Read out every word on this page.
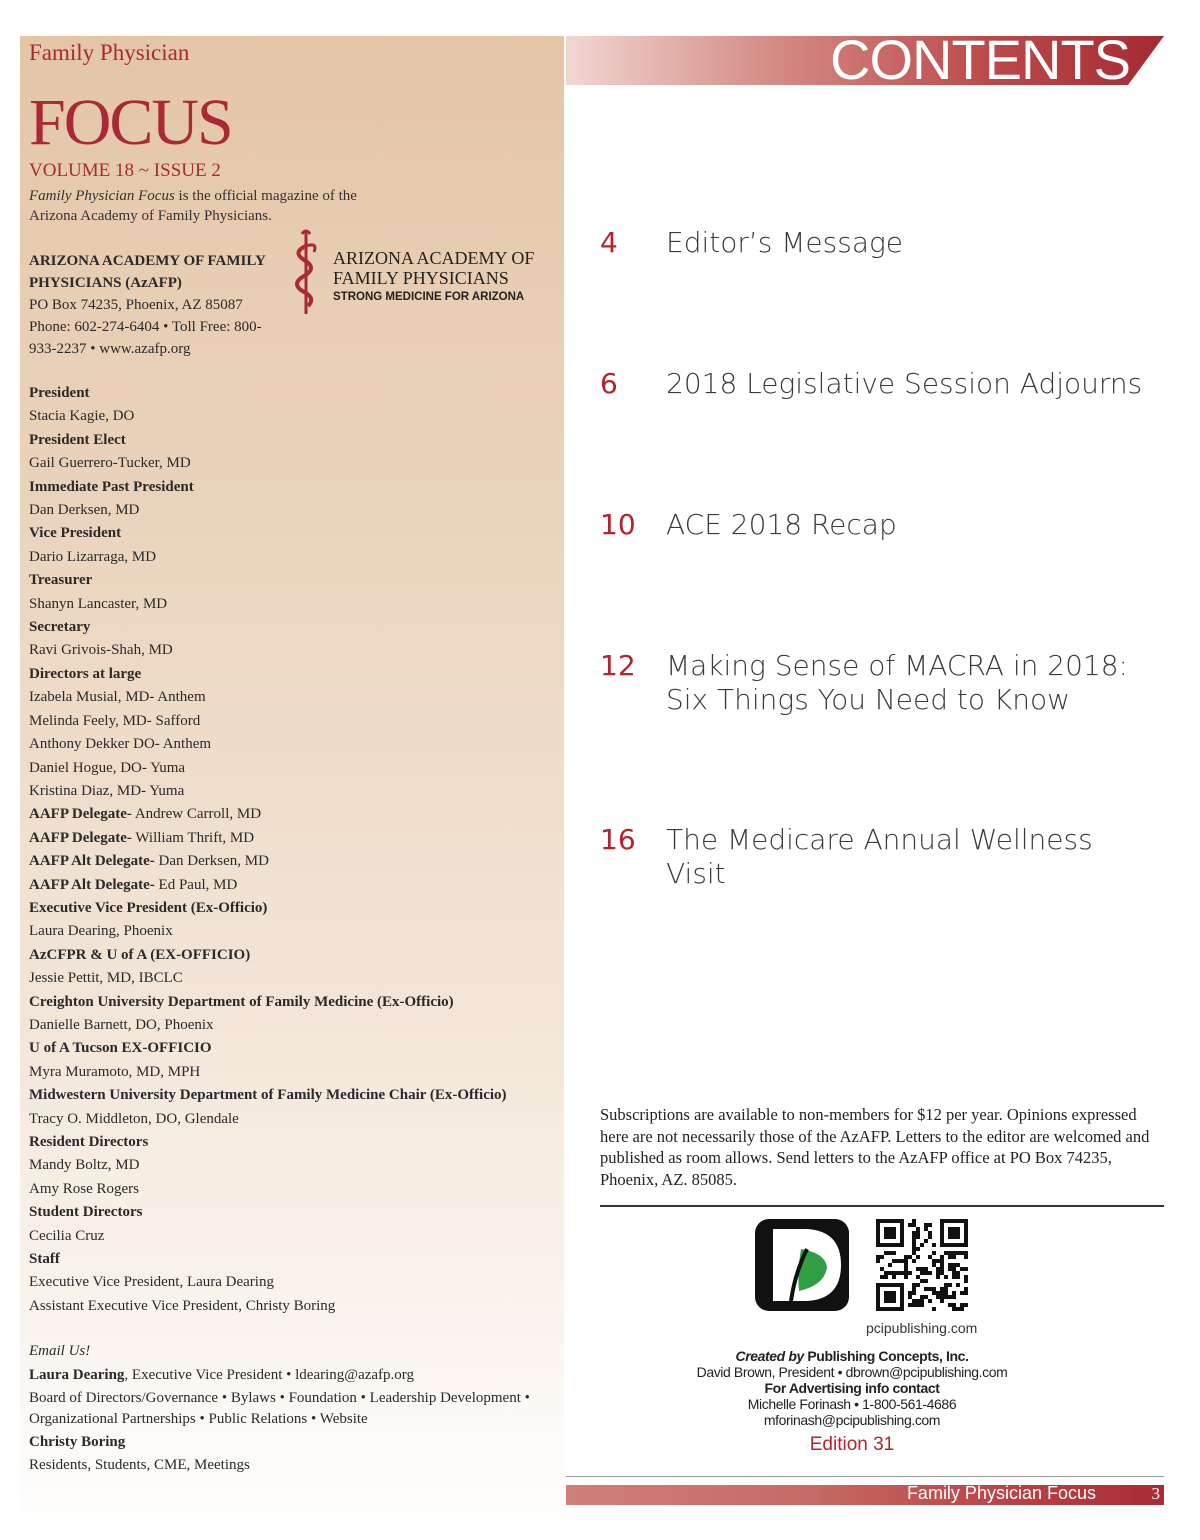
Family Physician
FOCUS
VOLUME 18 ~ ISSUE 2
Family Physician Focus is the official magazine of the
Arizona Academy of Family Physicians.
ARIZONA ACADEMY OF FAMILY
PHYSICIANS (AzAFP)
PO Box 74235, Phoenix, AZ 85087
Phone: 602-274-6404 • Toll Free: 800-
933-2237 • www.azafp.org
ARIZONA ACADEMY OF
FAMILY PHYSICIANS
STRONG MEDICINE FOR ARIZONA
President
Stacia Kagie, DO
President Elect
Gail Guerrero-Tucker, MD
Immediate Past President
Dan Derksen, MD
Vice President
Dario Lizarraga, MD
Treasurer
Shanyn Lancaster, MD
Secretary
Ravi Grivois-Shah, MD
Directors at large
Izabela Musial, MD- Anthem
Melinda Feely, MD- Safford
Anthony Dekker DO- Anthem
Daniel Hogue, DO- Yuma
Kristina Diaz, MD- Yuma
AAFP Delegate- Andrew Carroll, MD
AAFP Delegate- William Thrift, MD
AAFP Alt Delegate- Dan Derksen, MD
AAFP Alt Delegate- Ed Paul, MD
Executive Vice President (Ex-Officio)
Laura Dearing, Phoenix
AzCFPR & U of A (EX-OFFICIO)
Jessie Pettit, MD, IBCLC
Creighton University Department of Family Medicine (Ex-Officio)
Danielle Barnett, DO, Phoenix
U of A Tucson EX-OFFICIO
Myra Muramoto, MD, MPH
Midwestern University Department of Family Medicine Chair (Ex-Officio)
Tracy O. Middleton, DO, Glendale
Resident Directors
Mandy Boltz, MD
Amy Rose Rogers
Student Directors
Cecilia Cruz
Staff
Executive Vice President, Laura Dearing
Assistant Executive Vice President, Christy Boring
Email Us!
Laura Dearing, Executive Vice President • ldearing@azafp.org
Board of Directors/Governance • Bylaws • Foundation • Leadership Development •
Organizational Partnerships • Public Relations • Website
Christy Boring
Residents, Students, CME, Meetings
CONTENTS
4 Editor’s Message
6 2018 Legislative Session Adjourns
10 ACE 2018 Recap
12 Making Sense of MACRA in 2018: Six Things You Need to Know
16 The Medicare Annual Wellness Visit
Subscriptions are available to non-members for $12 per year. Opinions expressed here are not necessarily those of the AzAFP. Letters to the editor are welcomed and published as room allows. Send letters to the AzAFP office at PO Box 74235, Phoenix, AZ. 85085.
pcipublishing.com
Created by Publishing Concepts, Inc.
David Brown, President • dbrown@pcipublishing.com
For Advertising info contact
Michelle Forinash • 1-800-561-4686
mforinash@pcipublishing.com
Edition 31
Family Physician Focus	3
